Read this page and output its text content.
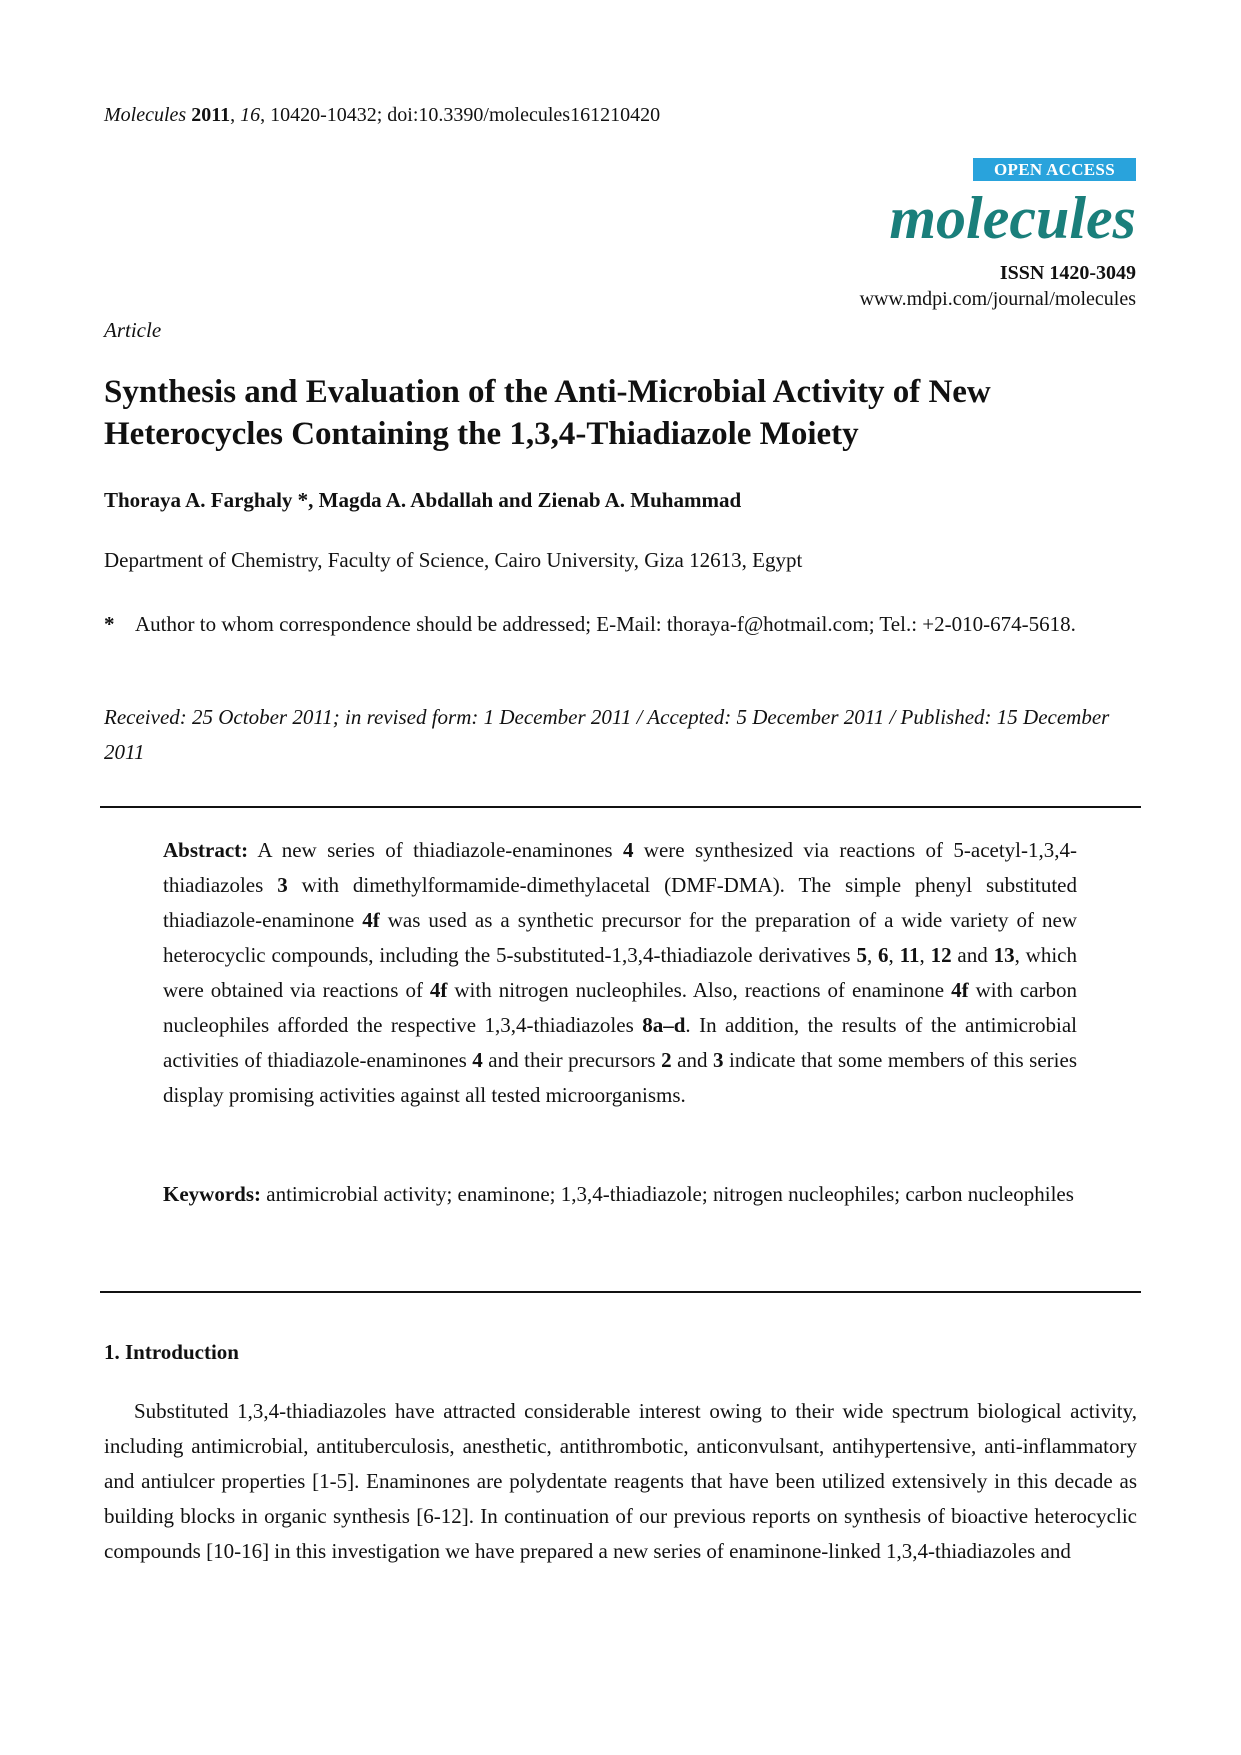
Molecules 2011, 16, 10420-10432; doi:10.3390/molecules161210420
OPEN ACCESS
molecules
ISSN 1420-3049
www.mdpi.com/journal/molecules
Article
Synthesis and Evaluation of the Anti-Microbial Activity of New Heterocycles Containing the 1,3,4-Thiadiazole Moiety
Thoraya A. Farghaly *, Magda A. Abdallah and Zienab A. Muhammad
Department of Chemistry, Faculty of Science, Cairo University, Giza 12613, Egypt
* Author to whom correspondence should be addressed; E-Mail: thoraya-f@hotmail.com; Tel.: +2-010-674-5618.
Received: 25 October 2011; in revised form: 1 December 2011 / Accepted: 5 December 2011 / Published: 15 December 2011
Abstract: A new series of thiadiazole-enaminones 4 were synthesized via reactions of 5-acetyl-1,3,4-thiadiazoles 3 with dimethylformamide-dimethylacetal (DMF-DMA). The simple phenyl substituted thiadiazole-enaminone 4f was used as a synthetic precursor for the preparation of a wide variety of new heterocyclic compounds, including the 5-substituted-1,3,4-thiadiazole derivatives 5, 6, 11, 12 and 13, which were obtained via reactions of 4f with nitrogen nucleophiles. Also, reactions of enaminone 4f with carbon nucleophiles afforded the respective 1,3,4-thiadiazoles 8a–d. In addition, the results of the antimicrobial activities of thiadiazole-enaminones 4 and their precursors 2 and 3 indicate that some members of this series display promising activities against all tested microorganisms.
Keywords: antimicrobial activity; enaminone; 1,3,4-thiadiazole; nitrogen nucleophiles; carbon nucleophiles
1. Introduction
Substituted 1,3,4-thiadiazoles have attracted considerable interest owing to their wide spectrum biological activity, including antimicrobial, antituberculosis, anesthetic, antithrombotic, anticonvulsant, antihypertensive, anti-inflammatory and antiulcer properties [1-5]. Enaminones are polydentate reagents that have been utilized extensively in this decade as building blocks in organic synthesis [6-12]. In continuation of our previous reports on synthesis of bioactive heterocyclic compounds [10-16] in this investigation we have prepared a new series of enaminone-linked 1,3,4-thiadiazoles and
